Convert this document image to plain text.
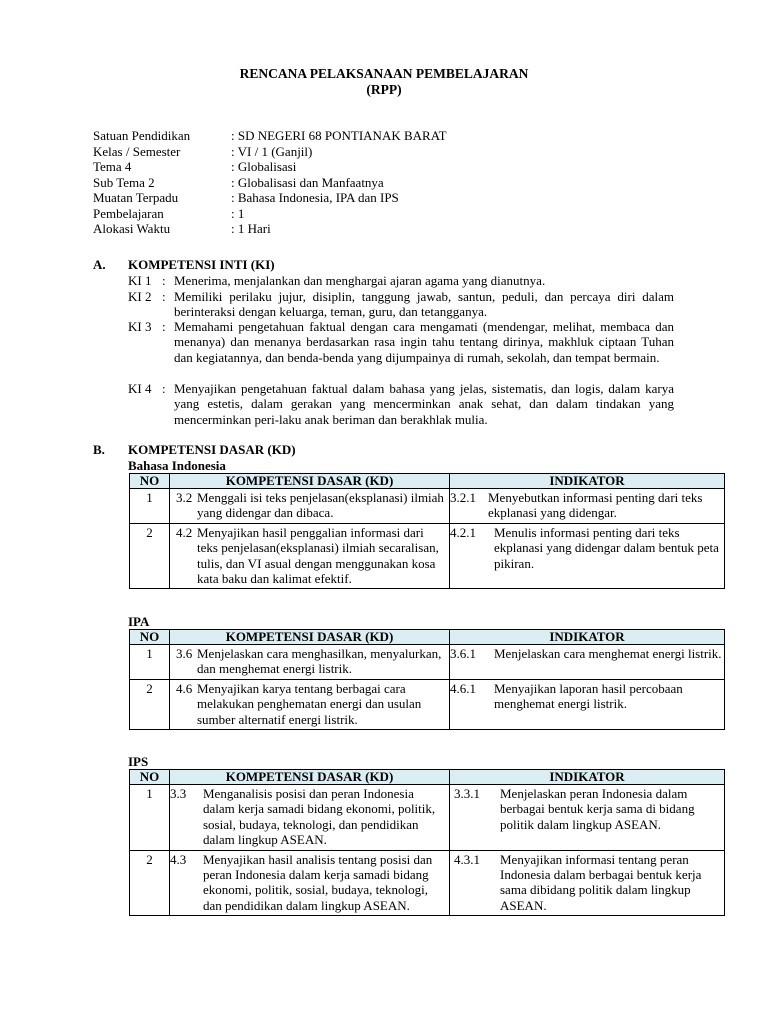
RENCANA PELAKSANAAN PEMBELAJARAN
(RPP)
Satuan Pendidikan	: SD NEGERI 68 PONTIANAK BARAT
Kelas / Semester	: VI / 1 (Ganjil)
Tema 4	: Globalisasi
Sub Tema 2	: Globalisasi dan Manfaatnya
Muatan Terpadu	: Bahasa Indonesia, IPA dan IPS
Pembelajaran	: 1
Alokasi Waktu	: 1 Hari
A. KOMPETENSI INTI (KI)
KI 1 : Menerima, menjalankan dan menghargai ajaran agama yang dianutnya.
KI 2 : Memiliki perilaku jujur, disiplin, tanggung jawab, santun, peduli, dan percaya diri dalam berinteraksi dengan keluarga, teman, guru, dan tetangganya.
KI 3 : Memahami pengetahuan faktual dengan cara mengamati (mendengar, melihat, membaca dan menanya) dan menanya berdasarkan rasa ingin tahu tentang dirinya, makhluk ciptaan Tuhan dan kegiatannya, dan benda-benda yang dijumpainya di rumah, sekolah, dan tempat bermain.
KI 4 : Menyajikan pengetahuan faktual dalam bahasa yang jelas, sistematis, dan logis, dalam karya yang estetis, dalam gerakan yang mencerminkan anak sehat, dan dalam tindakan yang mencerminkan peri-laku anak beriman dan berakhlak mulia.
B. KOMPETENSI DASAR (KD)
Bahasa Indonesia
NO	KOMPETENSI DASAR (KD)	INDIKATOR
1	3.2 Menggali isi teks penjelasan(eksplanasi) ilmiah yang didengar dan dibaca.	3.2.1 Menyebutkan informasi penting dari teks ekplanasi yang didengar.

2	4.2 Menyajikan hasil penggalian informasi dari teks penjelasan(eksplanasi) ilmiah secaralisan, tulis, dan VI asual dengan menggunakan kosa kata baku dan kalimat efektif.	4.2.1 Menulis informasi penting dari teks ekplanasi yang didengar dalam bentuk peta pikiran.
IPA
NO	KOMPETENSI DASAR (KD)	INDIKATOR
1	3.6 Menjelaskan cara menghasilkan, menyalurkan, dan menghemat energi listrik.	3.6.1 Menjelaskan cara menghemat energi listrik.

2	4.6 Menyajikan karya tentang berbagai cara melakukan penghematan energi dan usulan sumber alternatif energi listrik.	4.6.1 Menyajikan laporan hasil percobaan menghemat energi listrik.
IPS
NO	KOMPETENSI DASAR (KD)	INDIKATOR
1	3.3 Menganalisis posisi dan peran Indonesia dalam kerja samadi bidang ekonomi, politik, sosial, budaya, teknologi, dan pendidikan dalam lingkup ASEAN.	3.3.1 Menjelaskan peran Indonesia dalam berbagai bentuk kerja sama di bidang politik dalam lingkup ASEAN.

2	4.3 Menyajikan hasil analisis tentang posisi dan peran Indonesia dalam kerja samadi bidang ekonomi, politik, sosial, budaya, teknologi, dan pendidikan dalam lingkup ASEAN.	4.3.1 Menyajikan informasi tentang peran Indonesia dalam berbagai bentuk kerja sama dibidang politik dalam lingkup ASEAN.
